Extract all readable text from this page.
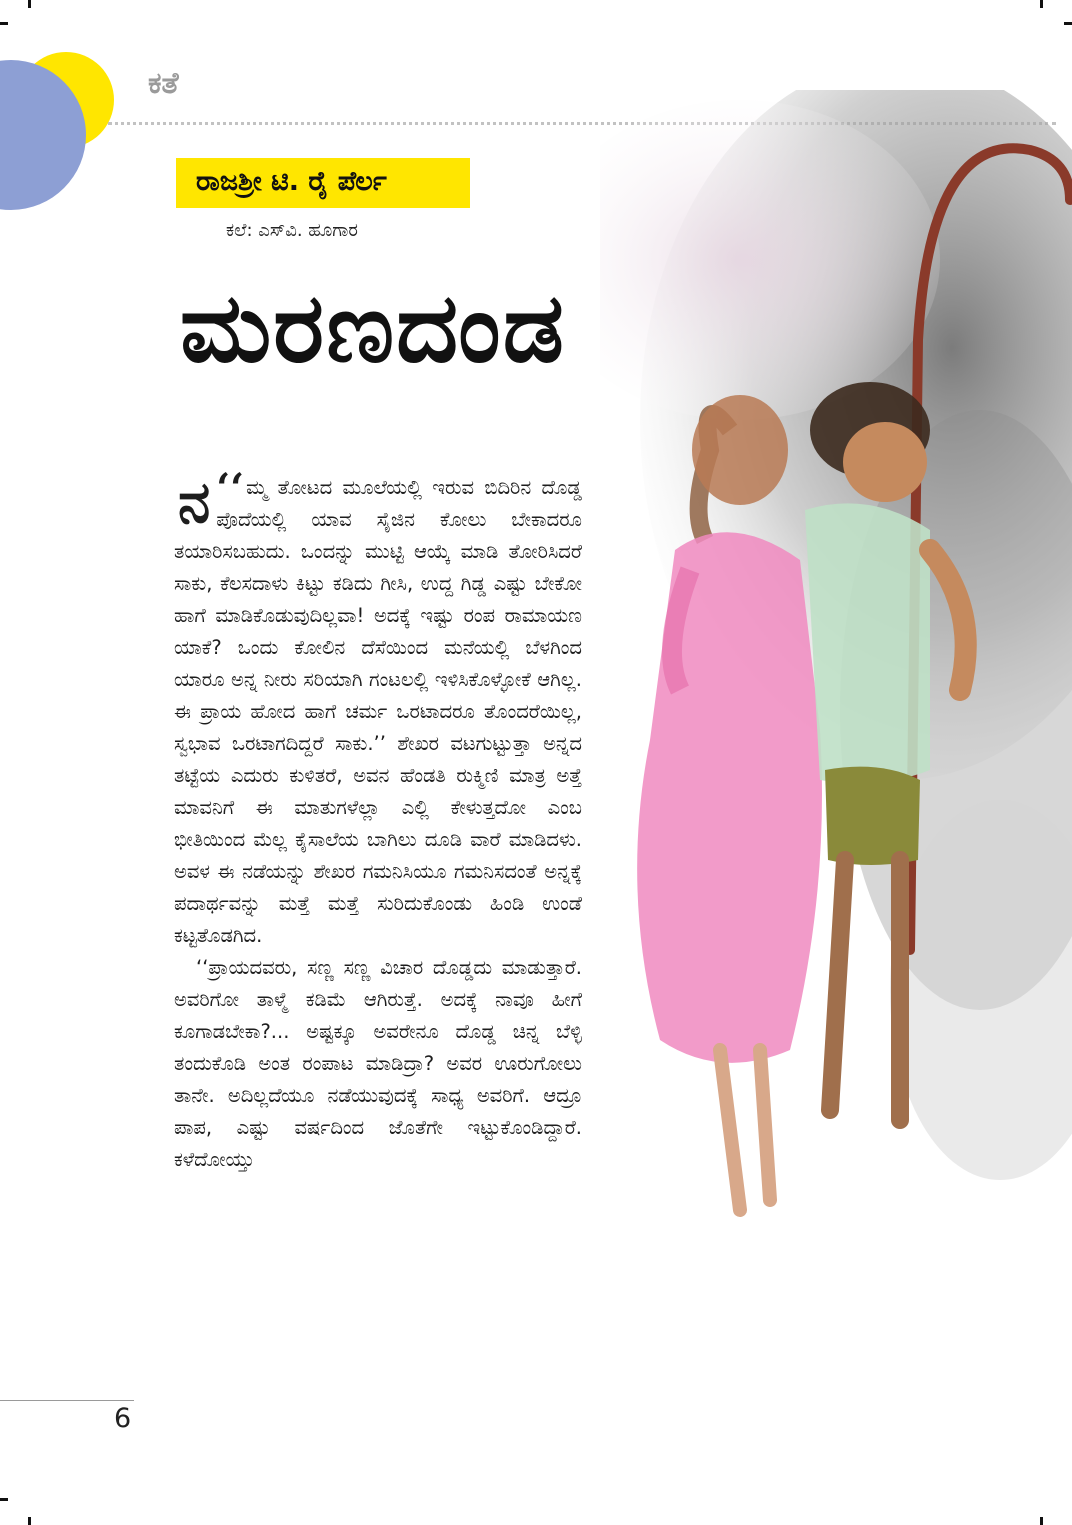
ಕತೆ
ರಾಜಶ್ರೀ ಟಿ. ರೈ ಪೆರ್ಲ
ಕಲೆ: ಎಸ್‌ವಿ. ಹೂಗಾರ
ಮರಣದಂಡ

‘‘
ನ ಮ್ಮ ತೋಟದ ಮೂಲೆಯಲ್ಲಿ ಇರುವ ಬಿದಿರಿನ ದೊಡ್ಡ ಪೊದೆಯಲ್ಲಿ ಯಾವ ಸೈಜಿನ ಕೋಲು ಬೇಕಾದರೂ ತಯಾರಿಸಬಹುದು. ಒಂದನ್ನು ಮುಟ್ಟಿ ಆಯ್ಕೆ ಮಾಡಿ ತೋರಿಸಿದರೆ ಸಾಕು, ಕೆಲಸದಾಳು ಕಿಟ್ಟು ಕಡಿದು ಗೀಸಿ, ಉದ್ದ ಗಿಡ್ಡ ಎಷ್ಟು ಬೇಕೋ ಹಾಗೆ ಮಾಡಿಕೊಡುವುದಿಲ್ಲವಾ! ಅದಕ್ಕೆ ಇಷ್ಟು ರಂಪ ರಾಮಾಯಣ ಯಾಕೆ? ಒಂದು ಕೋಲಿನ ದೆಸೆಯಿಂದ ಮನೆಯಲ್ಲಿ ಬೆಳಗಿಂದ ಯಾರೂ ಅನ್ನ ನೀರು ಸರಿಯಾಗಿ ಗಂಟಲಲ್ಲಿ ಇಳಿಸಿಕೊಳ್ಳೋಕೆ ಆಗಿಲ್ಲ. ಈ ಪ್ರಾಯ ಹೋದ ಹಾಗೆ ಚರ್ಮ ಒರಟಾದರೂ ತೊಂದರೆಯಿಲ್ಲ, ಸ್ವಭಾವ ಒರಟಾಗದಿದ್ದರೆ ಸಾಕು.’’ ಶೇಖರ ವಟಗುಟ್ಟುತ್ತಾ ಅನ್ನದ ತಟ್ಟೆಯ ಎದುರು ಕುಳಿತರೆ, ಅವನ ಹೆಂಡತಿ ರುಕ್ಮಿಣಿ ಮಾತ್ರ ಅತ್ತೆ ಮಾವನಿಗೆ ಈ ಮಾತುಗಳೆಲ್ಲಾ ಎಲ್ಲಿ ಕೇಳುತ್ತದೋ ಎಂಬ ಭೀತಿಯಿಂದ ಮೆಲ್ಲ ಕೈಸಾಲೆಯ ಬಾಗಿಲು ದೂಡಿ ವಾರೆ ಮಾಡಿದಳು. ಅವಳ ಈ ನಡೆಯನ್ನು ಶೇಖರ ಗಮನಿಸಿಯೂ ಗಮನಿಸದಂತೆ ಅನ್ನಕ್ಕೆ ಪದಾರ್ಥವನ್ನು ಮತ್ತೆ ಮತ್ತೆ ಸುರಿದುಕೊಂಡು ಹಿಂಡಿ ಉಂಡೆ ಕಟ್ಟತೊಡಗಿದ.

‘‘ಪ್ರಾಯದವರು, ಸಣ್ಣ ಸಣ್ಣ ವಿಚಾರ ದೊಡ್ಡದು ಮಾಡುತ್ತಾರೆ. ಅವರಿಗೋ ತಾಳ್ಮೆ ಕಡಿಮೆ ಆಗಿರುತ್ತೆ. ಅದಕ್ಕೆ ನಾವೂ ಹೀಗೆ ಕೂಗಾಡಬೇಕಾ?... ಅಷ್ಟಕ್ಕೂ ಅವರೇನೂ ದೊಡ್ಡ ಚಿನ್ನ ಬೆಳ್ಳಿ ತಂದುಕೊಡಿ ಅಂತ ರಂಪಾಟ ಮಾಡಿದ್ರಾ? ಅವರ ಊರುಗೋಲು ತಾನೇ. ಅದಿಲ್ಲದೆಯೂ ನಡೆಯುವುದಕ್ಕೆ ಸಾಧ್ಯ ಅವರಿಗೆ. ಆದ್ರೂ ಪಾಪ, ಎಷ್ಟು ವರ್ಷದಿಂದ ಜೊತೆಗೇ ಇಟ್ಟುಕೊಂಡಿದ್ದಾರೆ. ಕಳೆದೋಯ್ತು

6
